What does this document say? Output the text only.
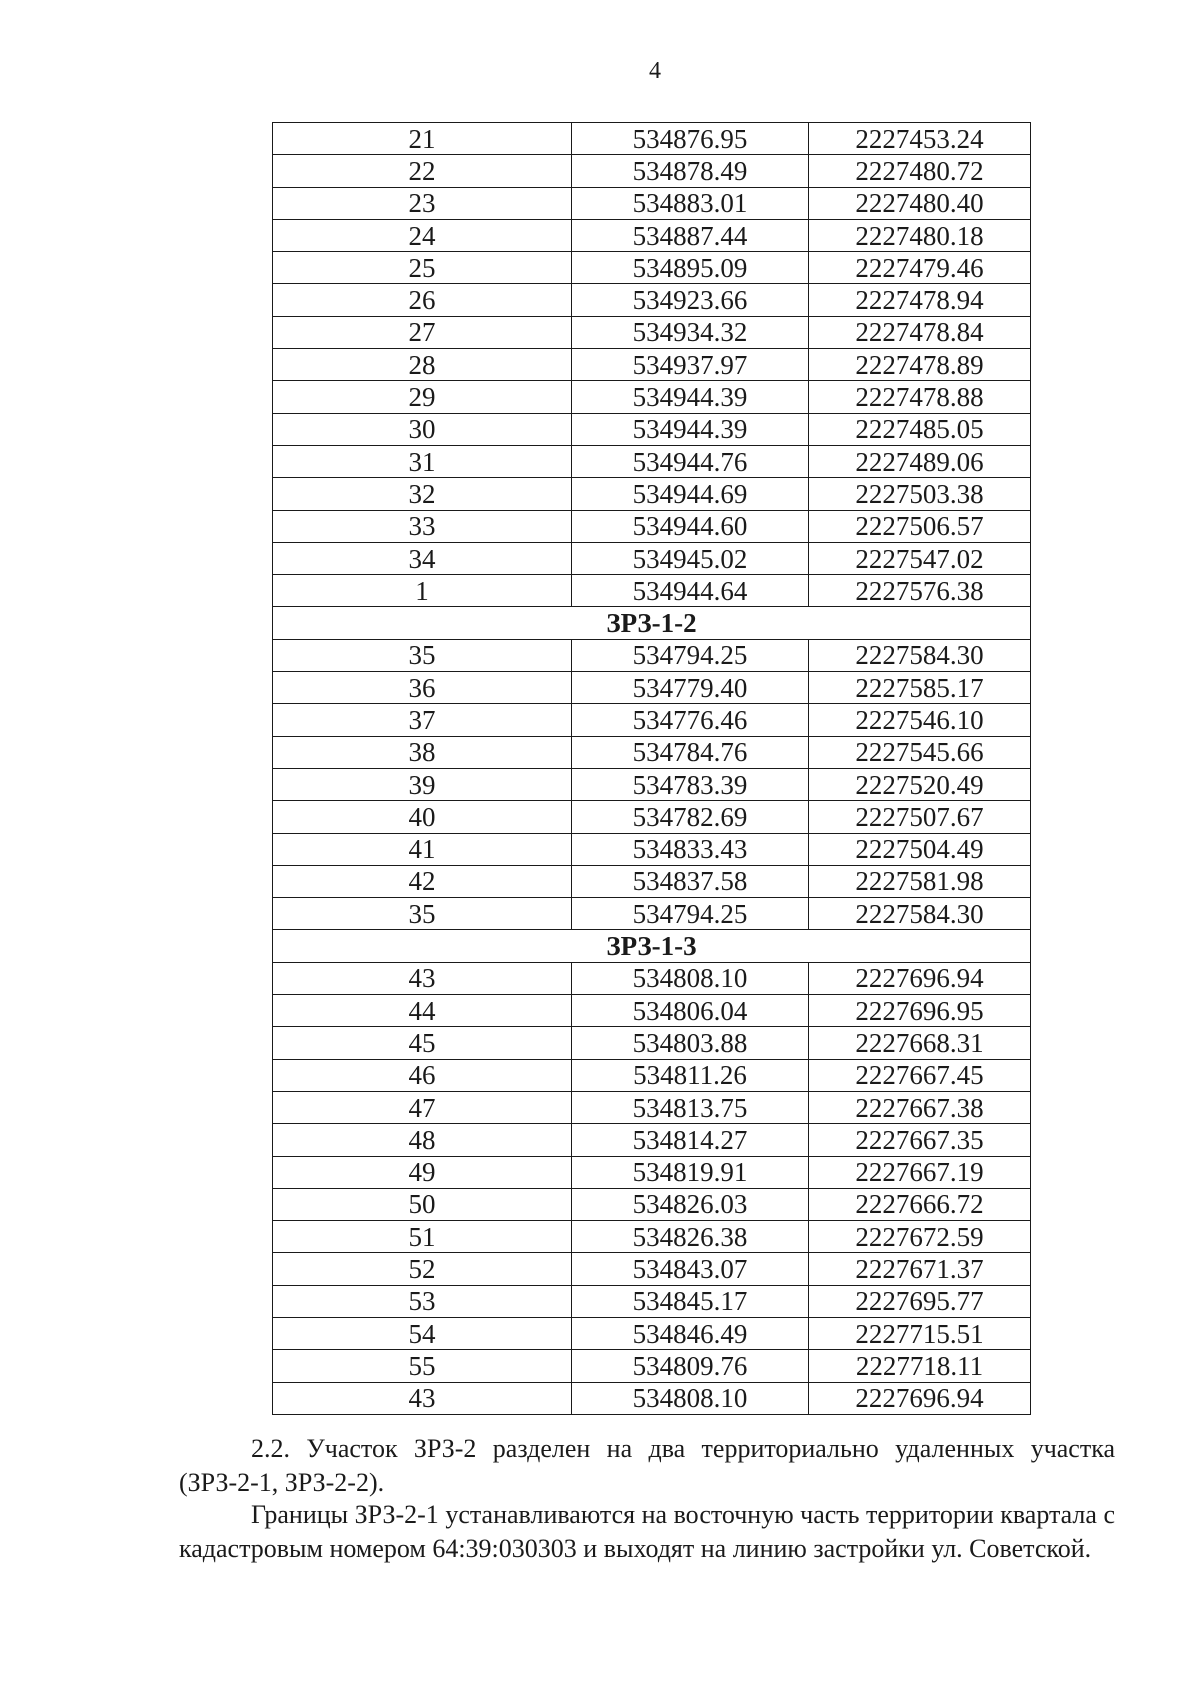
4
21	534876.95	2227453.24
22	534878.49	2227480.72
23	534883.01	2227480.40
24	534887.44	2227480.18
25	534895.09	2227479.46
26	534923.66	2227478.94
27	534934.32	2227478.84
28	534937.97	2227478.89
29	534944.39	2227478.88
30	534944.39	2227485.05
31	534944.76	2227489.06
32	534944.69	2227503.38
33	534944.60	2227506.57
34	534945.02	2227547.02
1	534944.64	2227576.38
ЗРЗ-1-2		
35	534794.25	2227584.30
36	534779.40	2227585.17
37	534776.46	2227546.10
38	534784.76	2227545.66
39	534783.39	2227520.49
40	534782.69	2227507.67
41	534833.43	2227504.49
42	534837.58	2227581.98
35	534794.25	2227584.30
ЗРЗ-1-3		
43	534808.10	2227696.94
44	534806.04	2227696.95
45	534803.88	2227668.31
46	534811.26	2227667.45
47	534813.75	2227667.38
48	534814.27	2227667.35
49	534819.91	2227667.19
50	534826.03	2227666.72
51	534826.38	2227672.59
52	534843.07	2227671.37
53	534845.17	2227695.77
54	534846.49	2227715.51
55	534809.76	2227718.11
43	534808.10	2227696.94
2.2. Участок ЗРЗ-2 разделен на два территориально удаленных участка (ЗРЗ-2-1, ЗРЗ-2-2).
Границы ЗРЗ-2-1 устанавливаются на восточную часть территории квартала с кадастровым номером 64:39:030303 и выходят на линию застройки ул. Советской.
